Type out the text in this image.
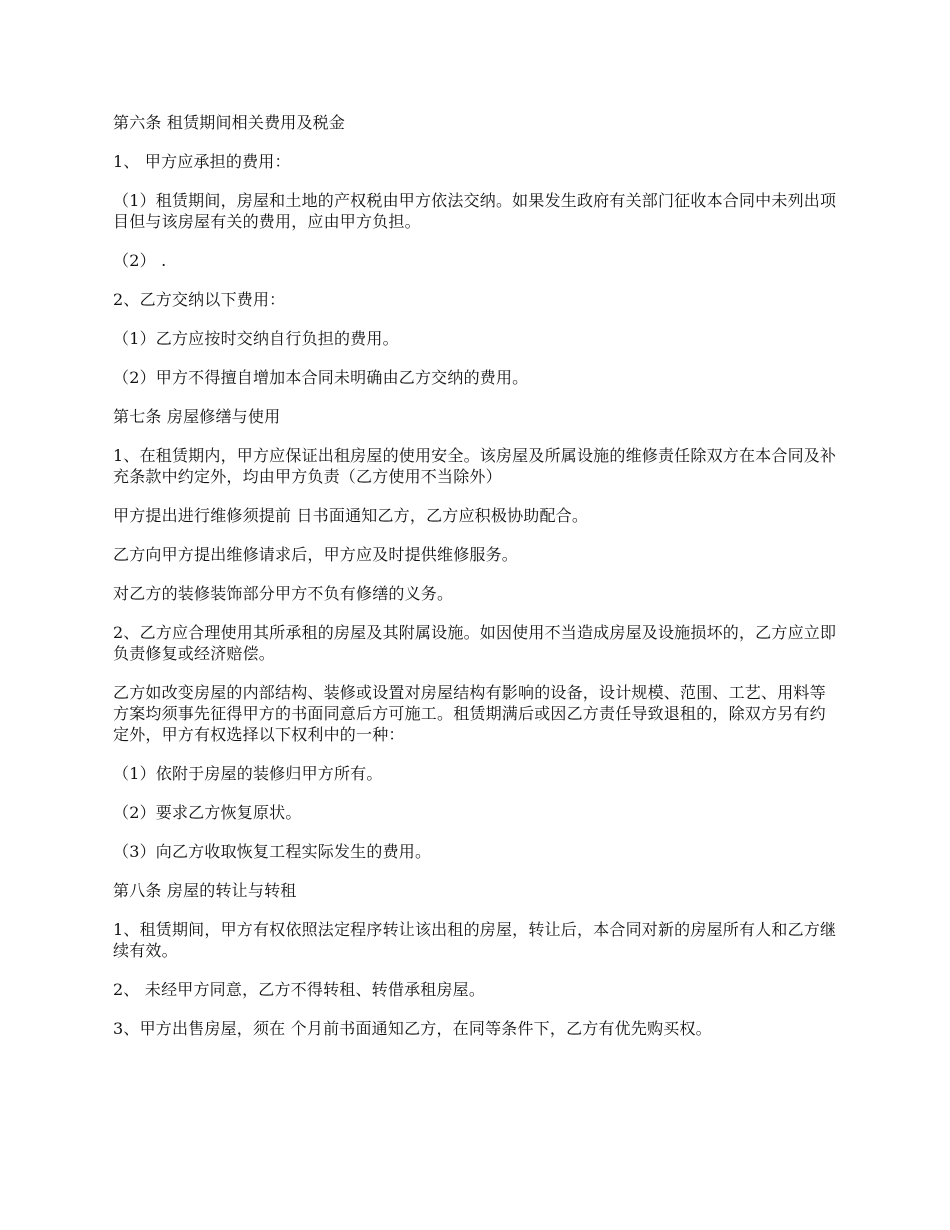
第六条 租赁期间相关费用及税金

1、 甲方应承担的费用：

（1）租赁期间，房屋和土地的产权税由甲方依法交纳。如果发生政府有关部门征收本合同中未列出项目但与该房屋有关的费用，应由甲方负担。

（2） .

2、乙方交纳以下费用：

（1）乙方应按时交纳自行负担的费用。

（2）甲方不得擅自增加本合同未明确由乙方交纳的费用。

第七条 房屋修缮与使用

1、在租赁期内，甲方应保证出租房屋的使用安全。该房屋及所属设施的维修责任除双方在本合同及补充条款中约定外，均由甲方负责（乙方使用不当除外）

甲方提出进行维修须提前 日书面通知乙方，乙方应积极协助配合。

乙方向甲方提出维修请求后，甲方应及时提供维修服务。

对乙方的装修装饰部分甲方不负有修缮的义务。

2、乙方应合理使用其所承租的房屋及其附属设施。如因使用不当造成房屋及设施损坏的，乙方应立即负责修复或经济赔偿。

乙方如改变房屋的内部结构、装修或设置对房屋结构有影响的设备，设计规模、范围、工艺、用料等方案均须事先征得甲方的书面同意后方可施工。租赁期满后或因乙方责任导致退租的，除双方另有约定外，甲方有权选择以下权利中的一种：

（1）依附于房屋的装修归甲方所有。

（2）要求乙方恢复原状。

（3）向乙方收取恢复工程实际发生的费用。

第八条 房屋的转让与转租

1、租赁期间，甲方有权依照法定程序转让该出租的房屋，转让后，本合同对新的房屋所有人和乙方继续有效。

2、 未经甲方同意，乙方不得转租、转借承租房屋。

3、甲方出售房屋，须在 个月前书面通知乙方，在同等条件下，乙方有优先购买权。
